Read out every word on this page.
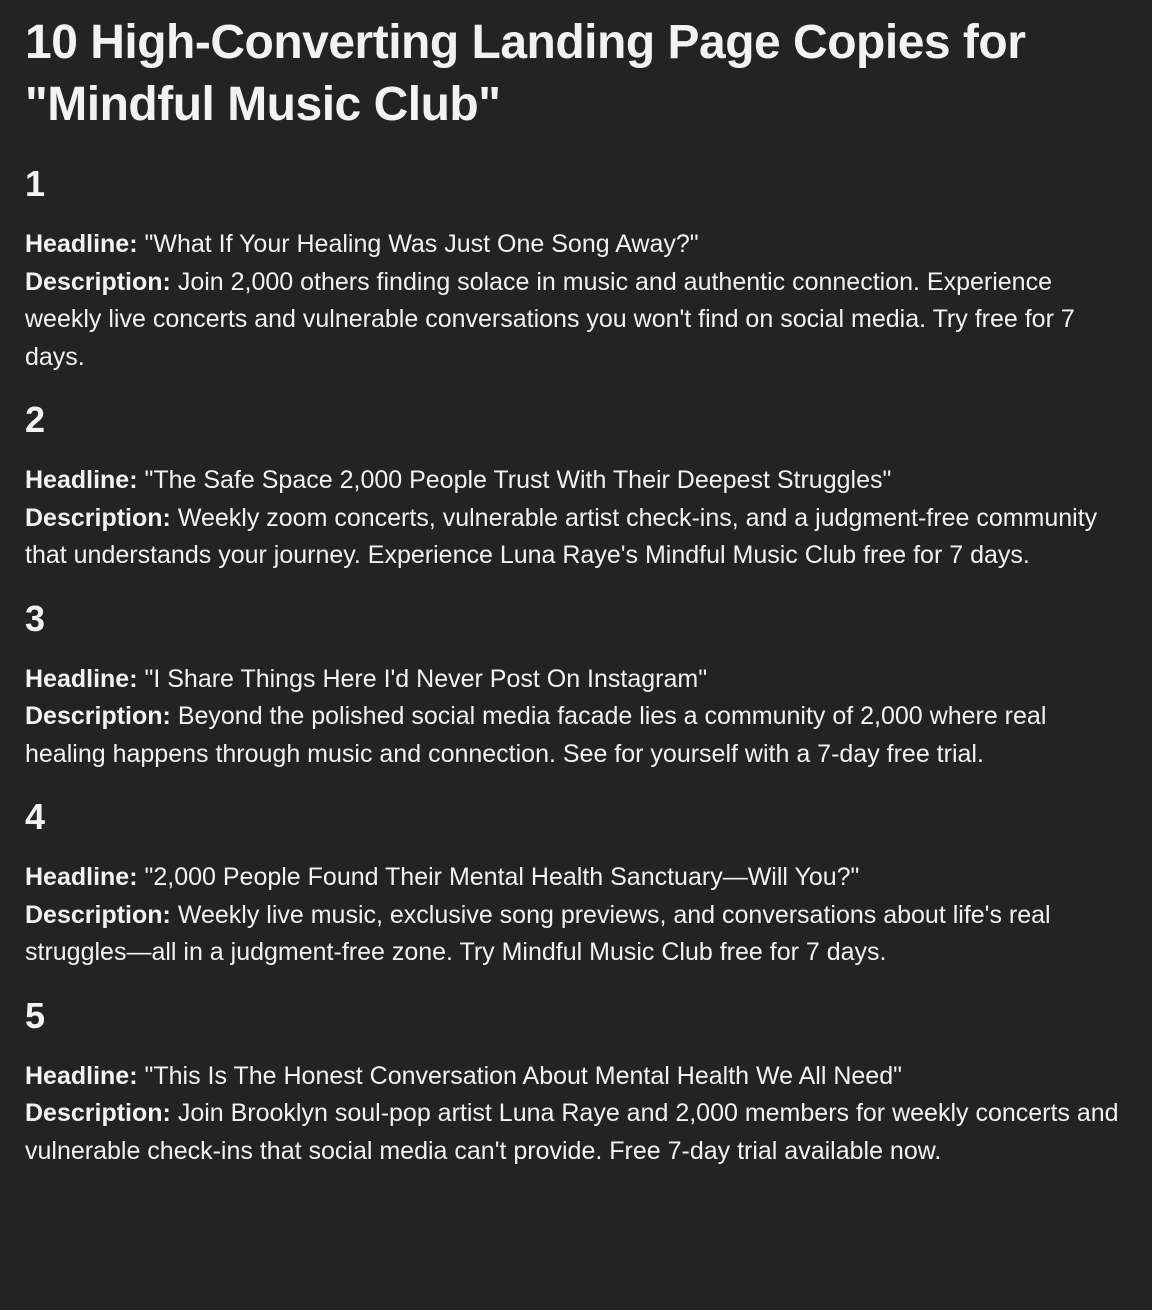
10 High-Converting Landing Page Copies for "Mindful Music Club"
1

Headline: "What If Your Healing Was Just One Song Away?"

Description: Join 2,000 others finding solace in music and authentic connection. Experience weekly live concerts and vulnerable conversations you won't find on social media. Try free for 7 days.

2

Headline: "The Safe Space 2,000 People Trust With Their Deepest Struggles"

Description: Weekly zoom concerts, vulnerable artist check-ins, and a judgment-free community that understands your journey. Experience Luna Raye's Mindful Music Club free for 7 days.

3

Headline: "I Share Things Here I'd Never Post On Instagram"

Description: Beyond the polished social media facade lies a community of 2,000 where real healing happens through music and connection. See for yourself with a 7-day free trial.

4

Headline: "2,000 People Found Their Mental Health Sanctuary—Will You?"

Description: Weekly live music, exclusive song previews, and conversations about life's real struggles—all in a judgment-free zone. Try Mindful Music Club free for 7 days.

5

Headline: "This Is The Honest Conversation About Mental Health We All Need"

Description: Join Brooklyn soul-pop artist Luna Raye and 2,000 members for weekly concerts and vulnerable check-ins that social media can't provide. Free 7-day trial available now.
